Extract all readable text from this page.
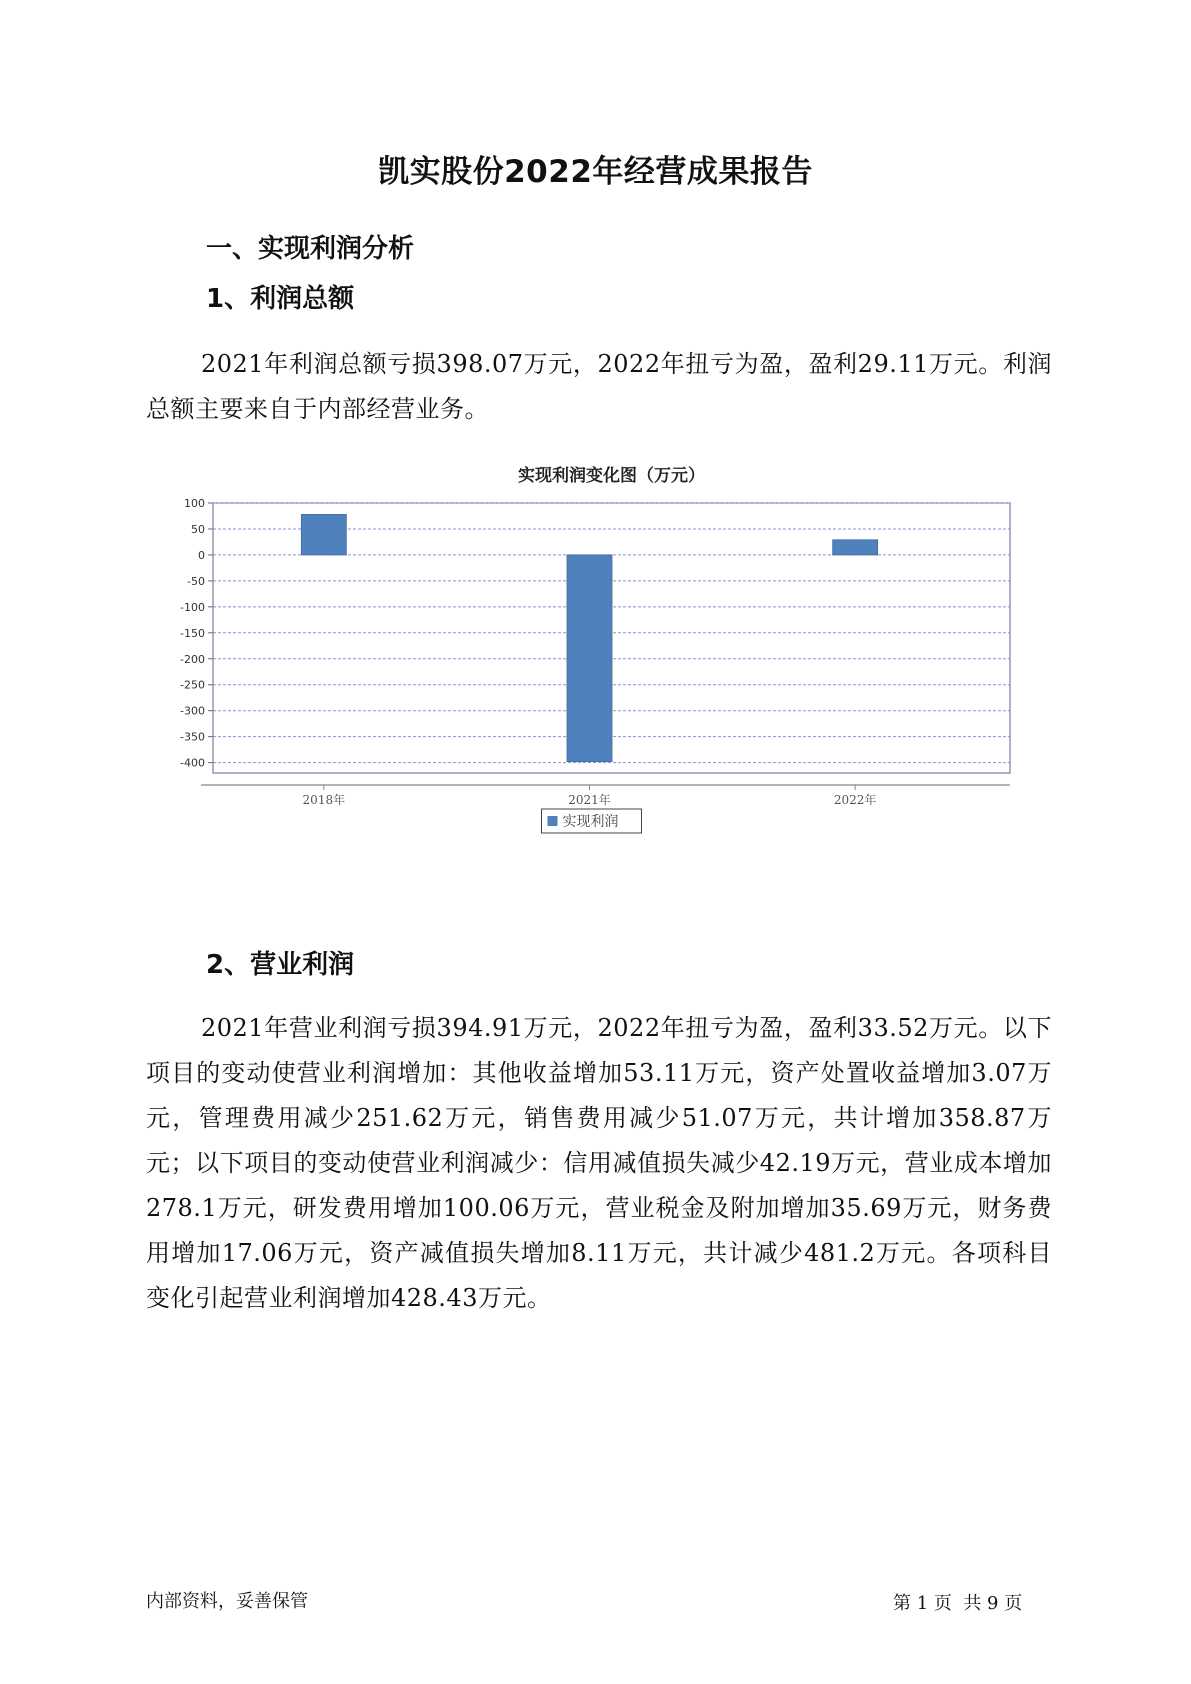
凯实股份2022年经营成果报告
一、实现利润分析
1、利润总额

2021年利润总额亏损398.07万元，2022年扭亏为盈，盈利29.11万元。利润总额主要来自于内部经营业务。

实现利润变化图（万元）
100
50
0
-50
-100
-150
-200
-250
-300
-350
-400
2018年	2021年	2022年
实现利润
2、营业利润

2021年营业利润亏损394.91万元，2022年扭亏为盈，盈利33.52万元。以下项目的变动使营业利润增加：其他收益增加53.11万元，资产处置收益增加3.07万元，管理费用减少251.62万元，销售费用减少51.07万元，共计增加358.87万元；以下项目的变动使营业利润减少：信用减值损失减少42.19万元，营业成本增加278.1万元，研发费用增加100.06万元，营业税金及附加增加35.69万元，财务费用增加17.06万元，资产减值损失增加8.11万元，共计减少481.2万元。各项科目变化引起营业利润增加428.43万元。

内部资料，妥善保管	第 1 页  共 9 页
